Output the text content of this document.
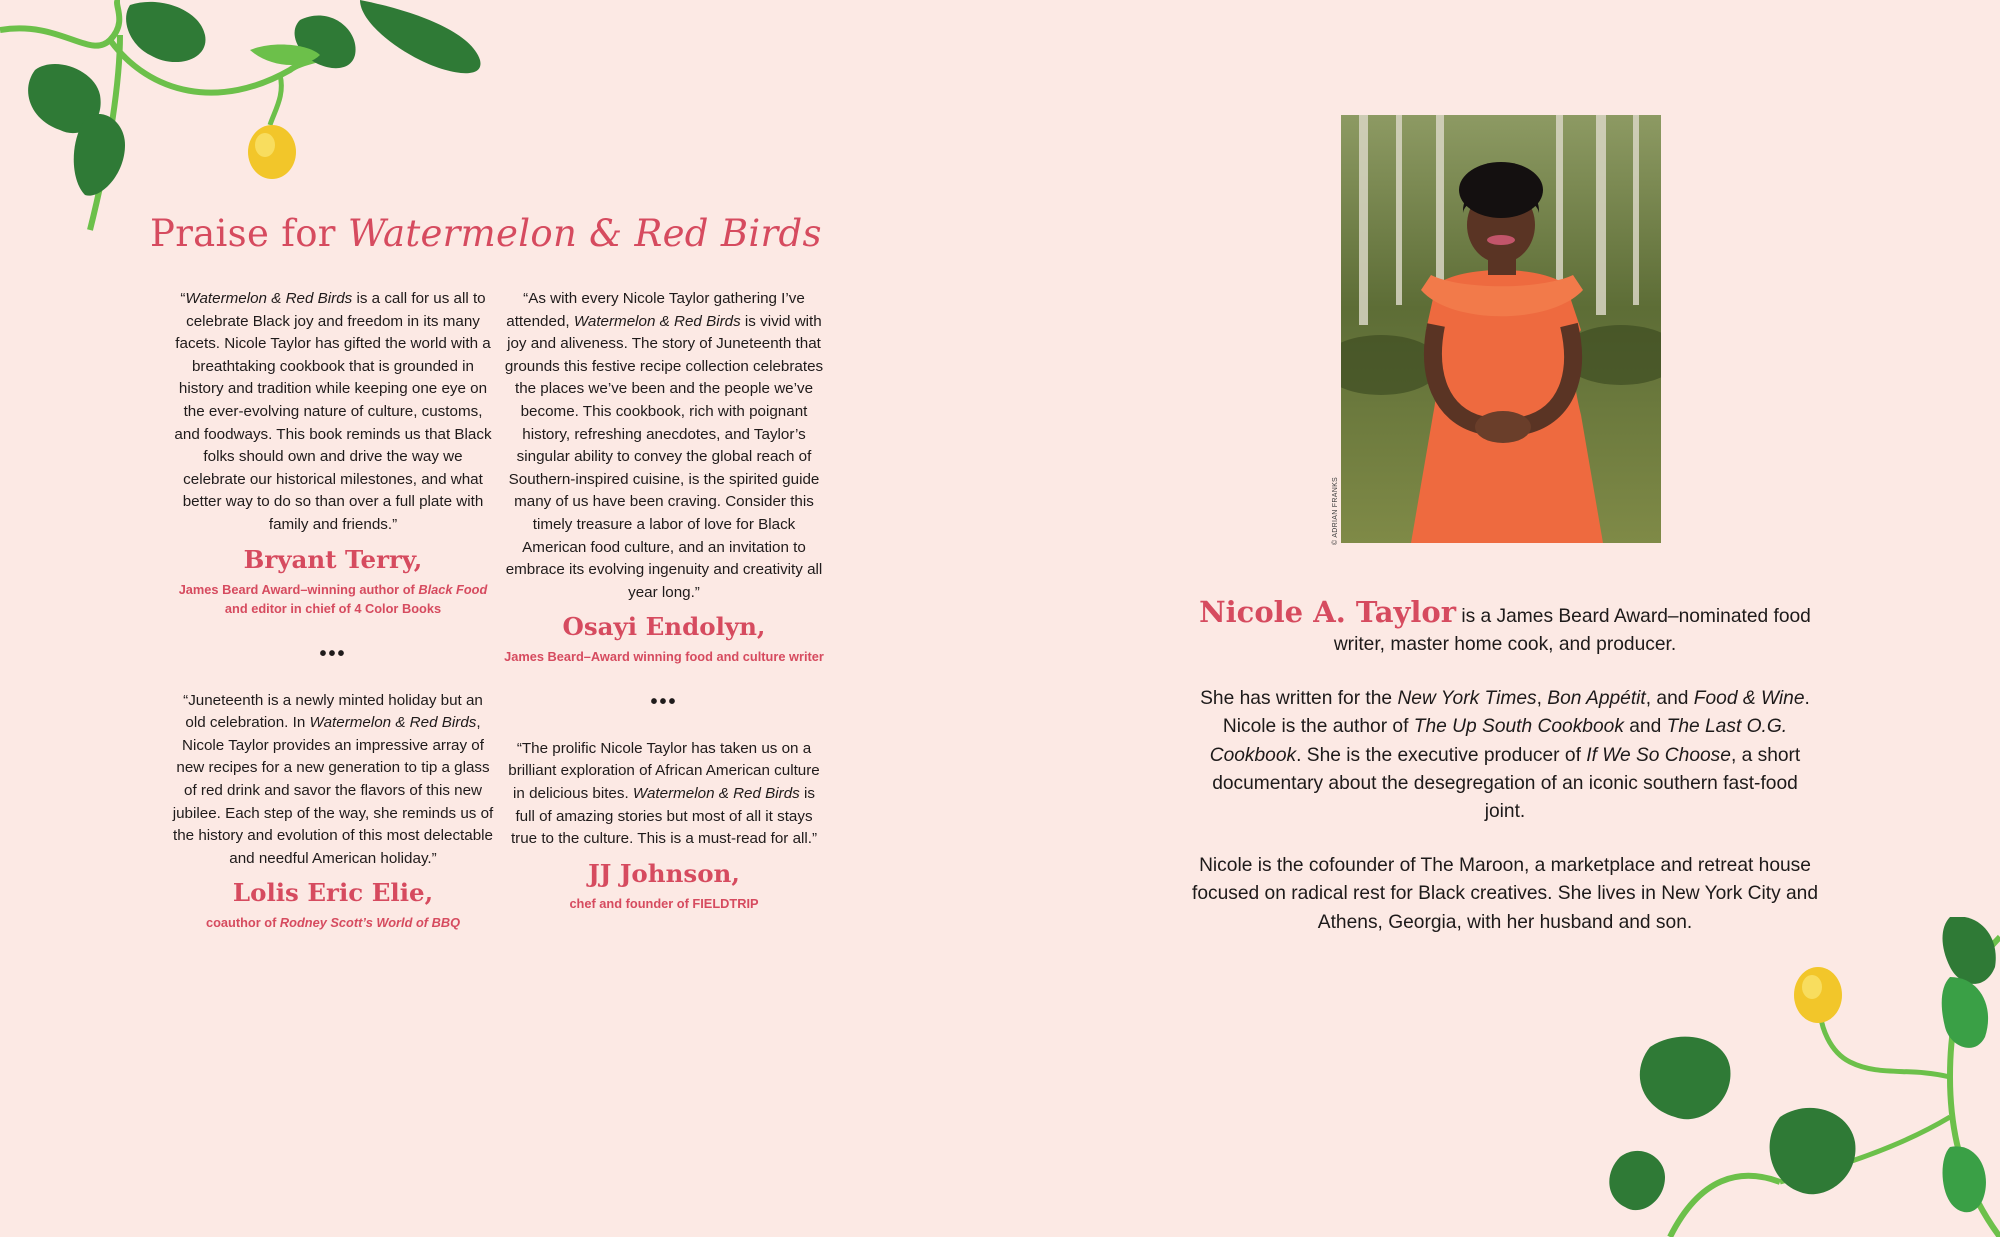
Praise for Watermelon & Red Birds

“Watermelon & Red Birds is a call for us all to celebrate Black joy and freedom in its many facets. Nicole Taylor has gifted the world with a breathtaking cookbook that is grounded in history and tradition while keeping one eye on the ever-evolving nature of culture, customs, and foodways. This book reminds us that Black folks should own and drive the way we celebrate our historical milestones, and what better way to do so than over a full plate with family and friends.”

Bryant Terry,

James Beard Award–winning author of Black Food and editor in chief of 4 Color Books

•••

“Juneteenth is a newly minted holiday but an old celebration. In Watermelon & Red Birds, Nicole Taylor provides an impressive array of new recipes for a new generation to tip a glass of red drink and savor the flavors of this new jubilee. Each step of the way, she reminds us of the history and evolution of this most delectable and needful American holiday.”

Lolis Eric Elie,

coauthor of Rodney Scott’s World of BBQ

“As with every Nicole Taylor gathering I’ve attended, Watermelon & Red Birds is vivid with joy and aliveness. The story of Juneteenth that grounds this festive recipe collection celebrates the places we’ve been and the people we’ve become. This cookbook, rich with poignant history, refreshing anecdotes, and Taylor’s singular ability to convey the global reach of Southern-inspired cuisine, is the spirited guide many of us have been craving. Consider this timely treasure a labor of love for Black American food culture, and an invitation to embrace its evolving ingenuity and creativity all year long.”

Osayi Endolyn,

James Beard–Award winning food and culture writer

•••

“The prolific Nicole Taylor has taken us on a brilliant exploration of African American culture in delicious bites. Watermelon & Red Birds is full of amazing stories but most of all it stays true to the culture. This is a must-read for all.”

JJ Johnson,

chef and founder of FIELDTRIP

© ADRIAN FRANKS

Nicole A. Taylor is a James Beard Award–nominated food writer, master home cook, and producer.

She has written for the New York Times, Bon Appétit, and Food & Wine. Nicole is the author of The Up South Cookbook and The Last O.G. Cookbook. She is the executive producer of If We So Choose, a short documentary about the desegregation of an iconic southern fast-food joint.

Nicole is the cofounder of The Maroon, a marketplace and retreat house focused on radical rest for Black creatives. She lives in New York City and Athens, Georgia, with her husband and son.
